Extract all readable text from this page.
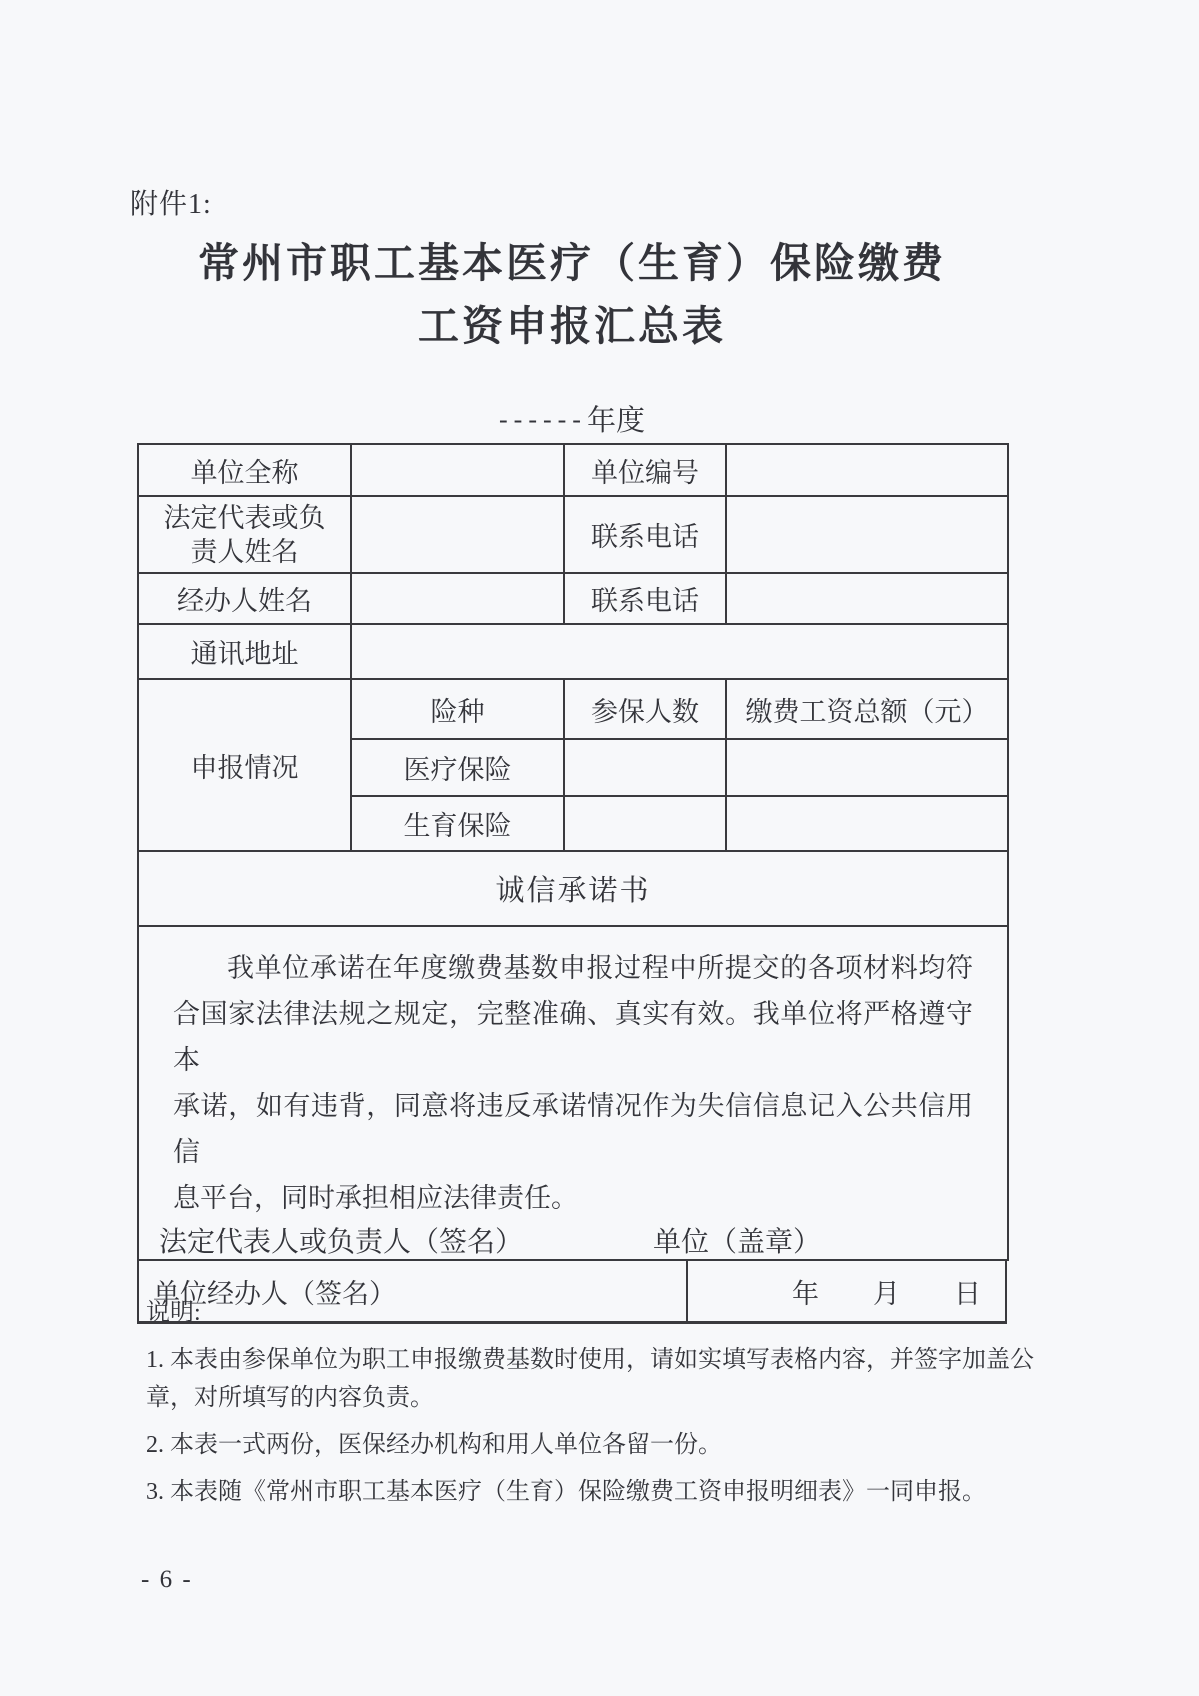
附件1:
常州市职工基本医疗（生育）保险缴费
工资申报汇总表
------年度
单位全称		单位编号	

法定代表或负责人姓名		联系电话	
经办人姓名		联系电话	
通讯地址			
申报情况	险种	参保人数	缴费工资总额（元）
	医疗保险		
	生育保险		
诚信承诺书			

我单位承诺在年度缴费基数申报过程中所提交的各项材料均符
合国家法律法规之规定，完整准确、真实有效。我单位将严格遵守本
承诺，如有违背，同意将违反承诺情况作为失信信息记入公共信用信
息平台，同时承担相应法律责任。
法定代表人或负责人（签名）	单位（盖章）
单位经办人（签名）	年　　月　　日
说明:
1. 本表由参保单位为职工申报缴费基数时使用，请如实填写表格内容，并签字加盖公章，对所填写的内容负责。
2. 本表一式两份，医保经办机构和用人单位各留一份。
3. 本表随《常州市职工基本医疗（生育）保险缴费工资申报明细表》一同申报。
- 6 -
